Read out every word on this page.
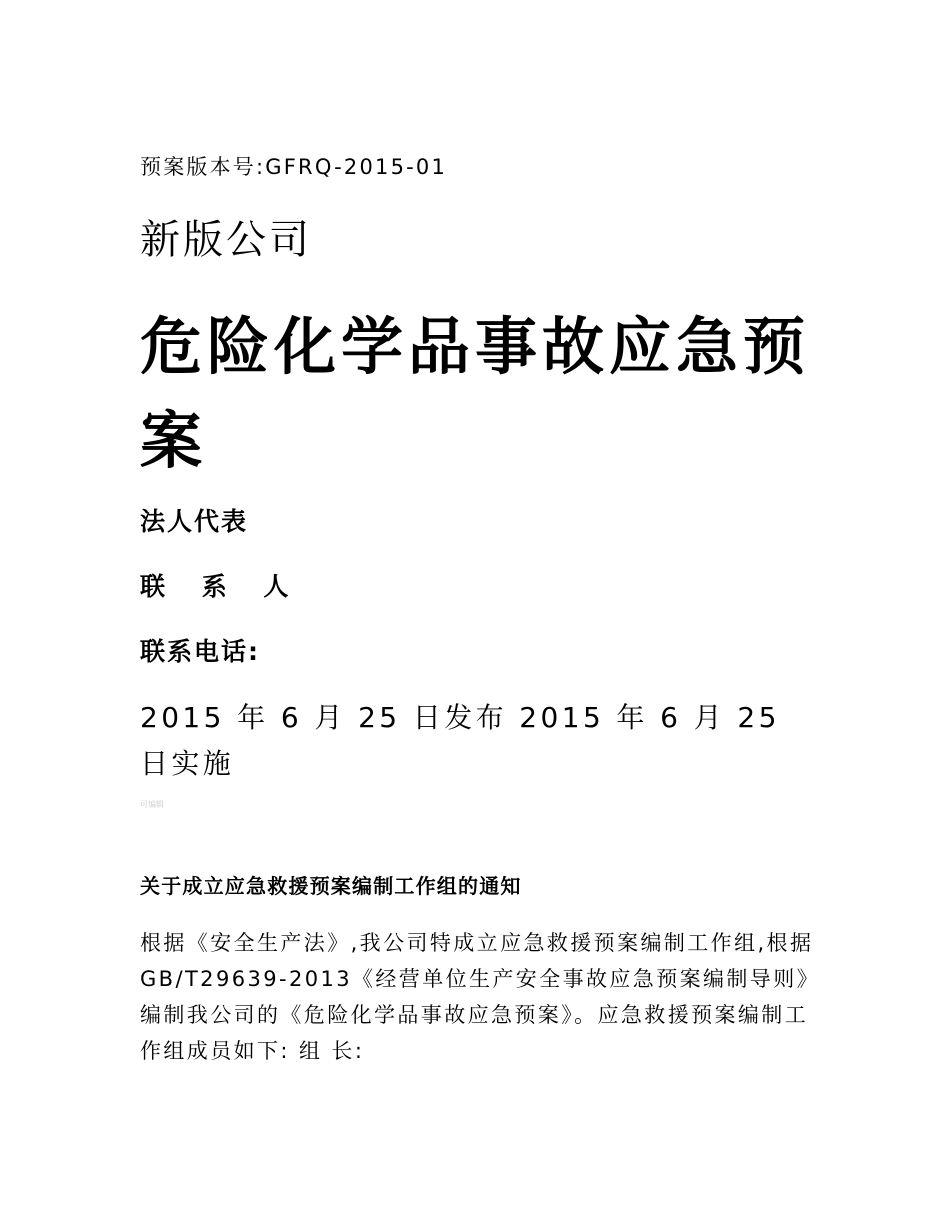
预案版本号:GFRQ-2015-01

新版公司

危险化学品事故应急预案

法人代表

联 系 人

联系电话:

2015 年 6 月 25 日发布 2015 年 6 月 25 日实施

可编辑

关于成立应急救援预案编制工作组的通知

根据《安全生产法》,我公司特成立应急救援预案编制工作组,根据GB/T29639-2013《经营单位生产安全事故应急预案编制导则》编制我公司的《危险化学品事故应急预案》。应急救援预案编制工作组成员如下: 组 长:
